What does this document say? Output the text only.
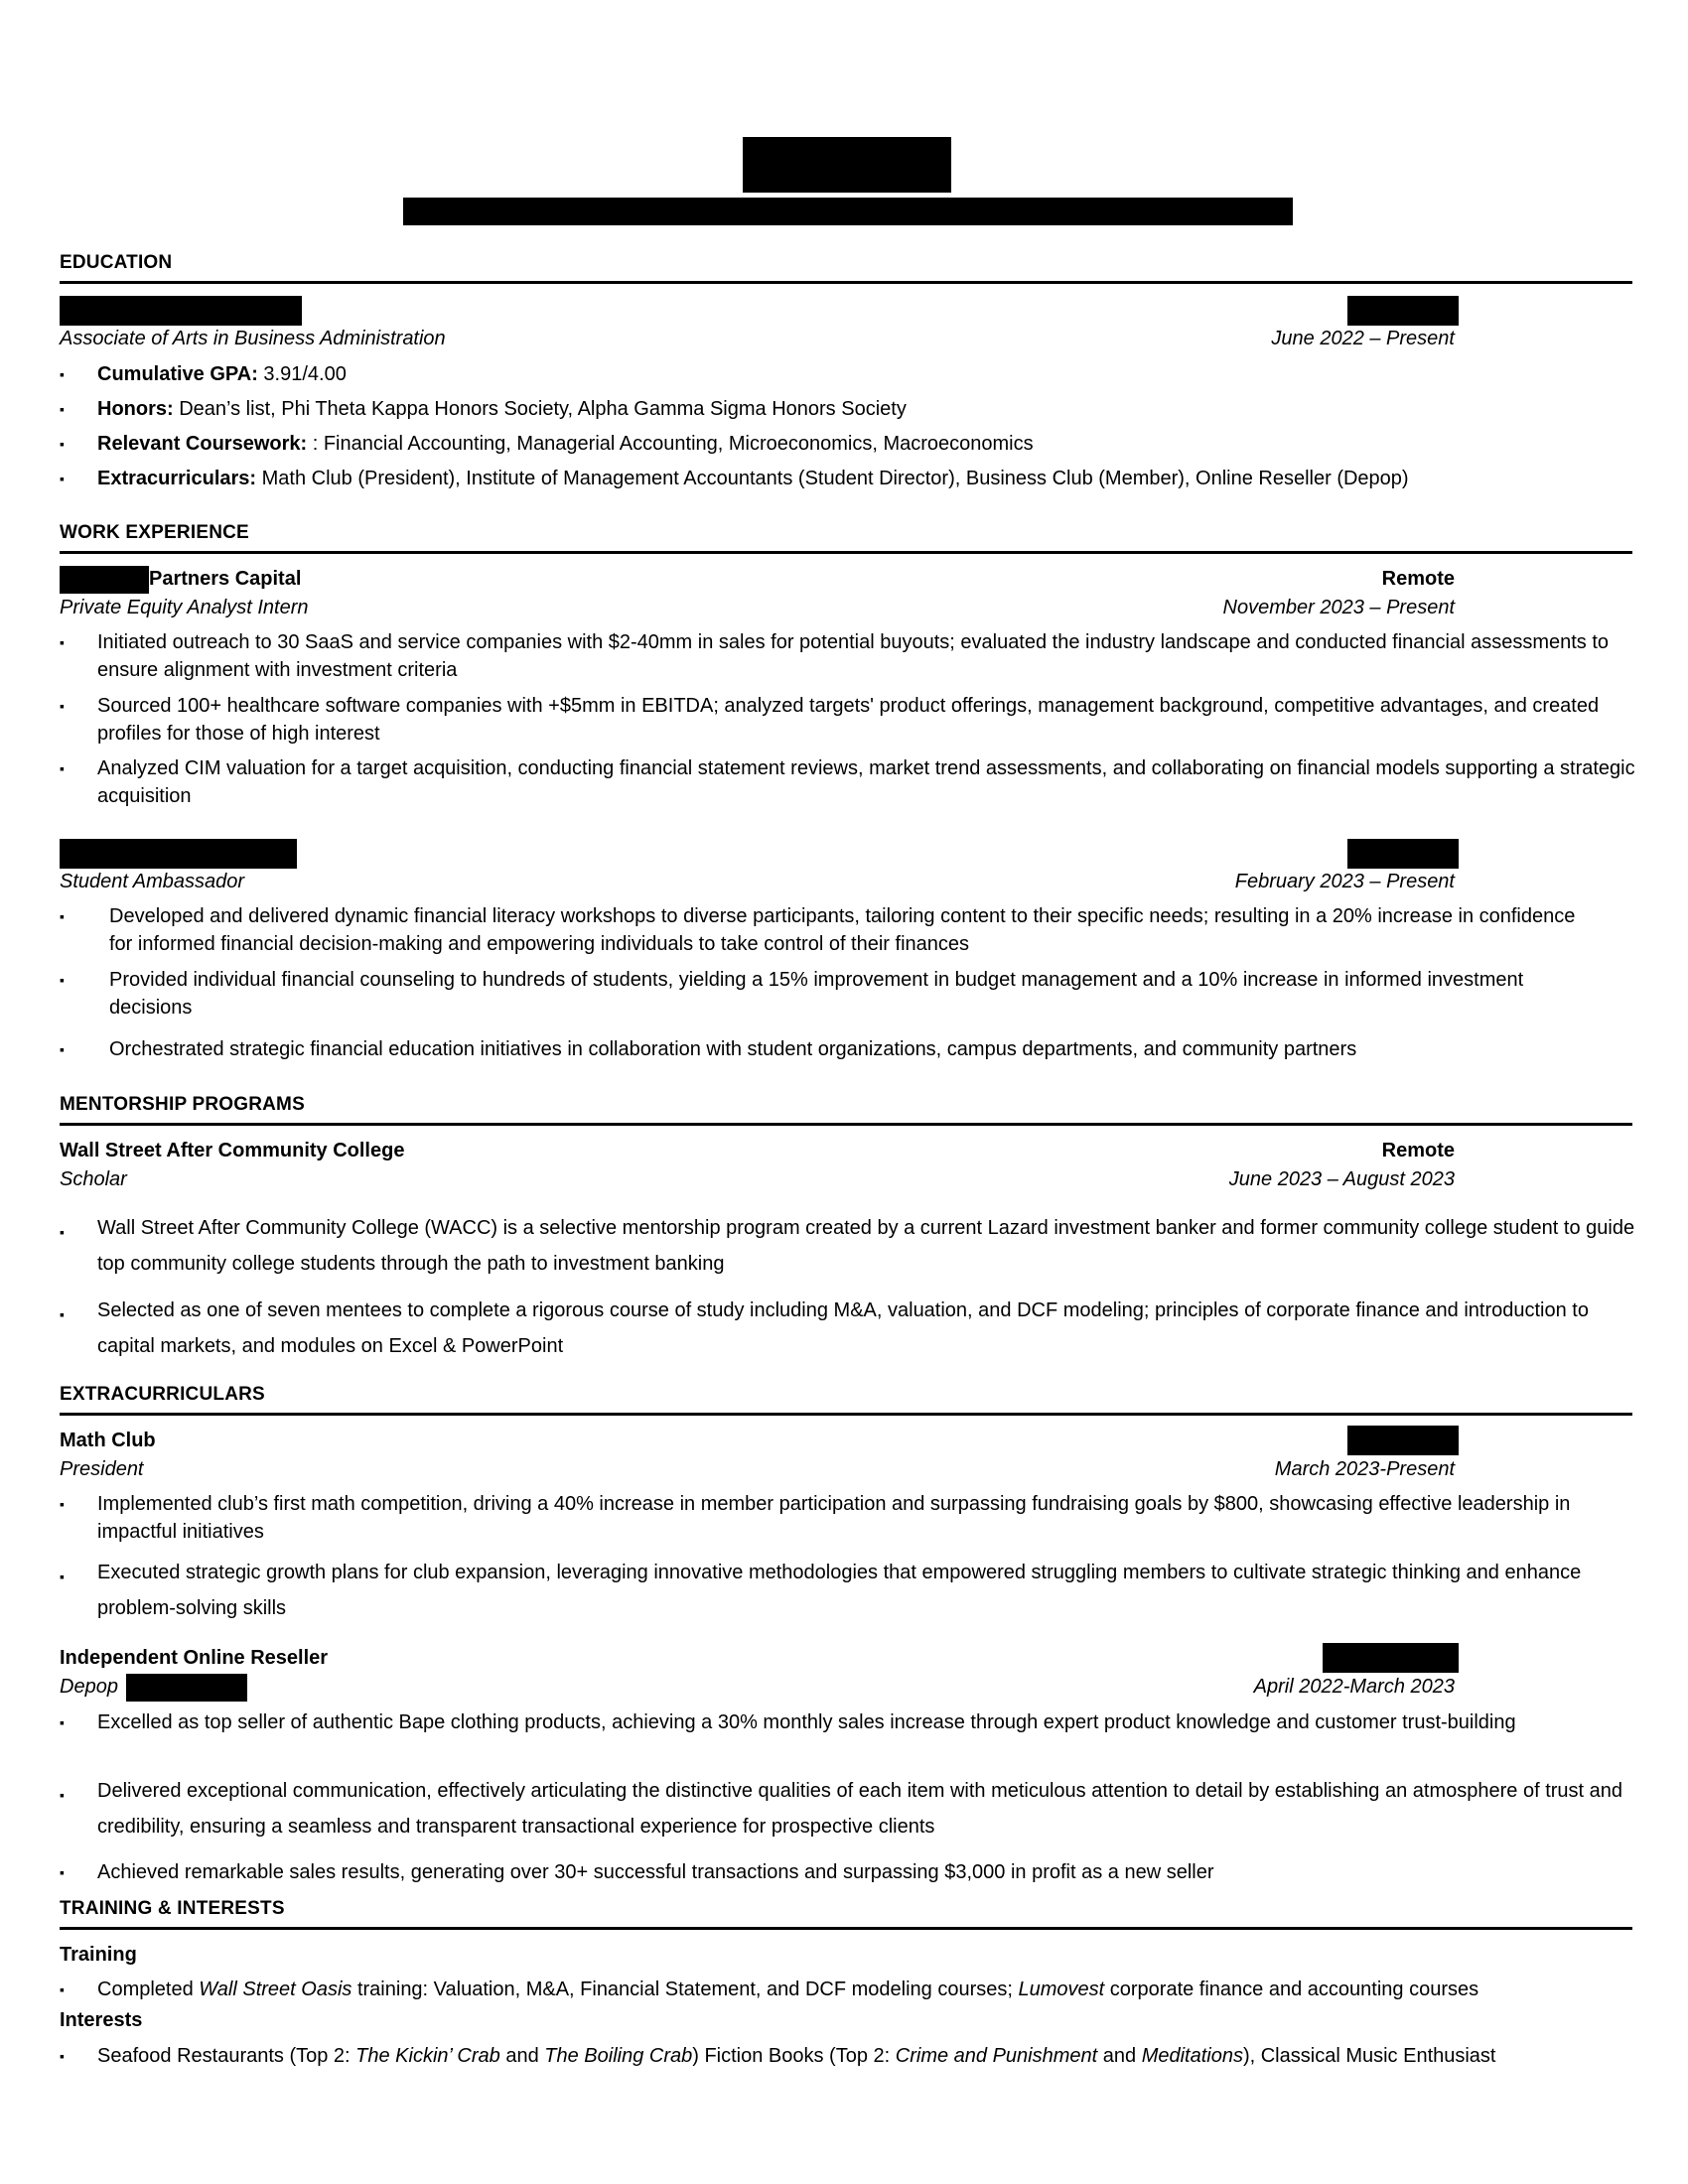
EDUCATION
Associate of Arts in Business Administration	June 2022 – Present
▪ Cumulative GPA: 3.91/4.00
▪ Honors: Dean’s list, Phi Theta Kappa Honors Society, Alpha Gamma Sigma Honors Society
▪ Relevant Coursework: : Financial Accounting, Managerial Accounting, Microeconomics, Macroeconomics
▪ Extracurriculars: Math Club (President), Institute of Management Accountants (Student Director), Business Club (Member), Online Reseller (Depop)
WORK EXPERIENCE
Partners Capital	Remote
Private Equity Analyst Intern	November 2023 – Present
▪ Initiated outreach to 30 SaaS and service companies with $2-40mm in sales for potential buyouts; evaluated the industry landscape and conducted financial assessments to ensure alignment with investment criteria
▪ Sourced 100+ healthcare software companies with +$5mm in EBITDA; analyzed targets' product offerings, management background, competitive advantages, and created profiles for those of high interest
▪ Analyzed CIM valuation for a target acquisition, conducting financial statement reviews, market trend assessments, and collaborating on financial models supporting a strategic acquisition
Student Ambassador	February 2023 – Present
▪ Developed and delivered dynamic financial literacy workshops to diverse participants, tailoring content to their specific needs; resulting in a 20% increase in confidence for informed financial decision-making and empowering individuals to take control of their finances
▪ Provided individual financial counseling to hundreds of students, yielding a 15% improvement in budget management and a 10% increase in informed investment decisions
▪ Orchestrated strategic financial education initiatives in collaboration with student organizations, campus departments, and community partners
MENTORSHIP PROGRAMS
Wall Street After Community College	Remote
Scholar	June 2023 – August 2023
▪ Wall Street After Community College (WACC) is a selective mentorship program created by a current Lazard investment banker and former community college student to guide top community college students through the path to investment banking
▪ Selected as one of seven mentees to complete a rigorous course of study including M&A, valuation, and DCF modeling; principles of corporate finance and introduction to capital markets, and modules on Excel & PowerPoint
EXTRACURRICULARS
Math Club
President	March 2023-Present
▪ Implemented club’s first math competition, driving a 40% increase in member participation and surpassing fundraising goals by $800, showcasing effective leadership in impactful initiatives
▪ Executed strategic growth plans for club expansion, leveraging innovative methodologies that empowered struggling members to cultivate strategic thinking and enhance problem-solving skills
Independent Online Reseller
Depop	April 2022-March 2023
▪ Excelled as top seller of authentic Bape clothing products, achieving a 30% monthly sales increase through expert product knowledge and customer trust-building
▪ Delivered exceptional communication, effectively articulating the distinctive qualities of each item with meticulous attention to detail by establishing an atmosphere of trust and credibility, ensuring a seamless and transparent transactional experience for prospective clients
▪ Achieved remarkable sales results, generating over 30+ successful transactions and surpassing $3,000 in profit as a new seller
TRAINING & INTERESTS
Training
▪ Completed Wall Street Oasis training: Valuation, M&A, Financial Statement, and DCF modeling courses; Lumovest corporate finance and accounting courses
Interests
▪ Seafood Restaurants (Top 2: The Kickin’ Crab and The Boiling Crab) Fiction Books (Top 2: Crime and Punishment and Meditations), Classical Music Enthusiast
